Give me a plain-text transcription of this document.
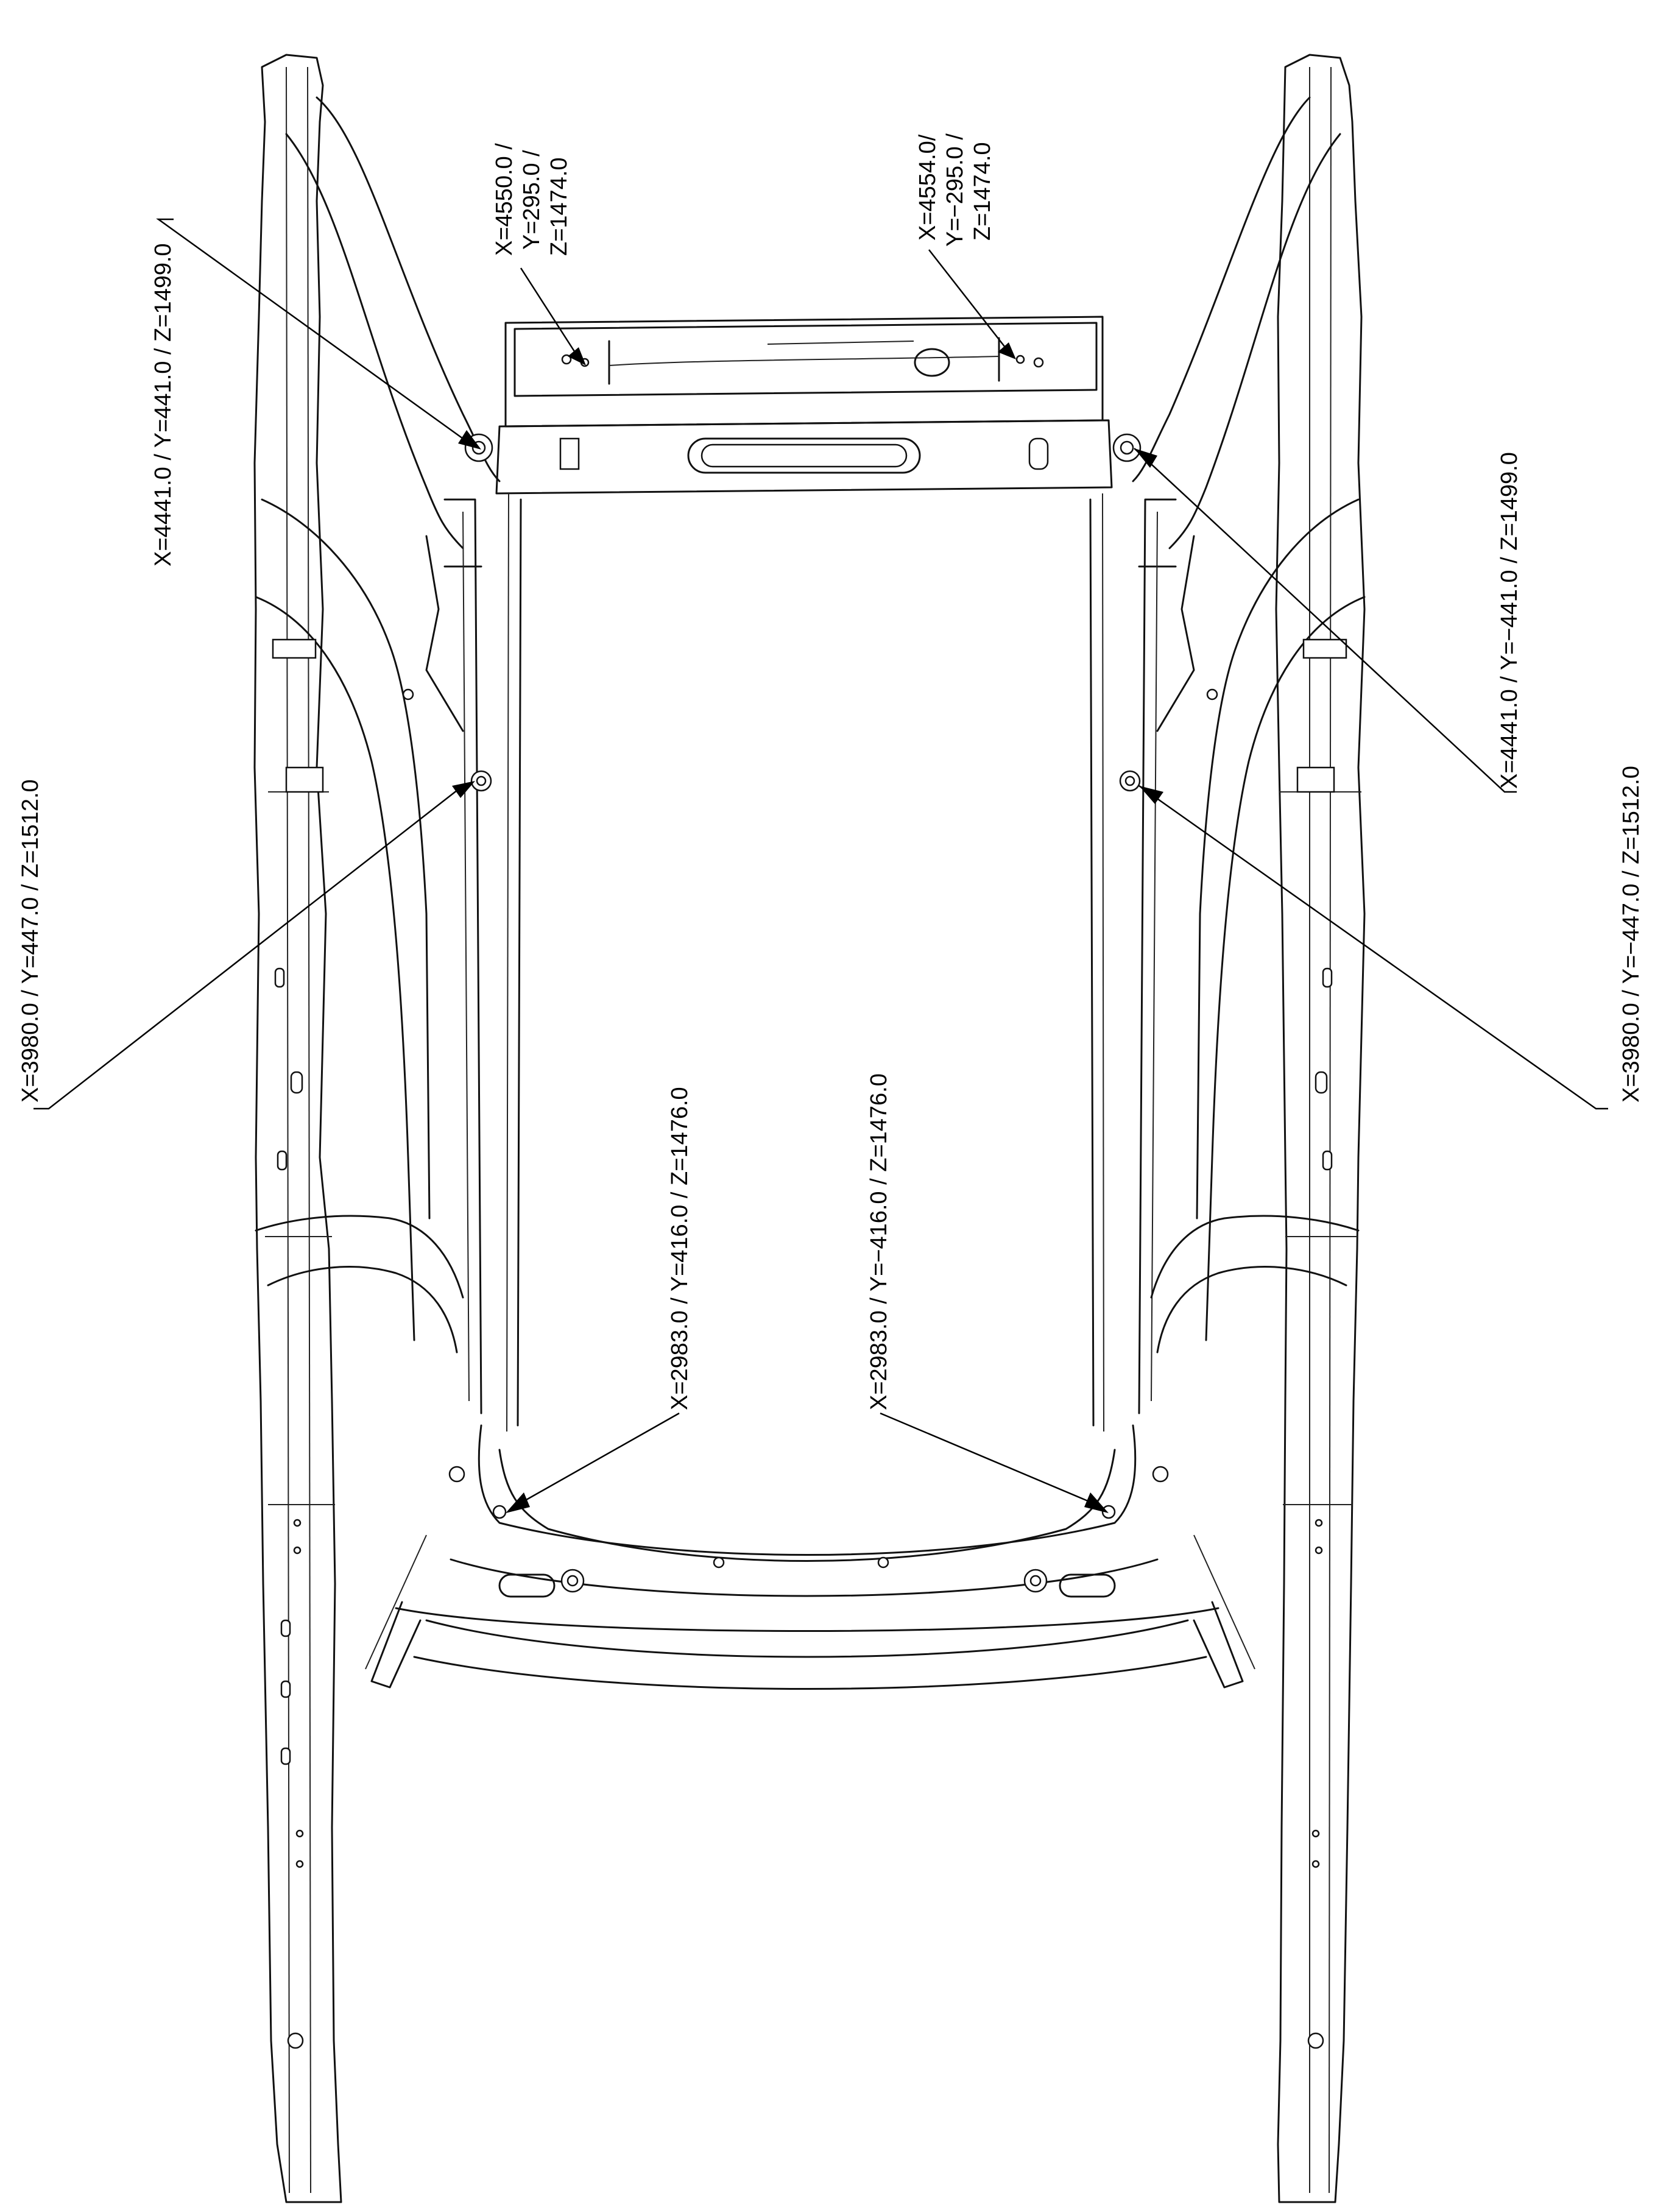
X=4441.0 / Y=441.0 / Z=1499.0
X=4550.0 / Y=295.0 / Z=1474.0	X=4554.0/ Y=−295.0 / Z=1474.0
X=4441.0 / Y=−441.0 / Z=1499.0
X=3980.0 / Y=447.0 / Z=1512.0	X=3980.0 / Y=−447.0 / Z=1512.0
X=2983.0 / Y=416.0 / Z=1476.0	X=2983.0 / Y=−416.0 / Z=1476.0
